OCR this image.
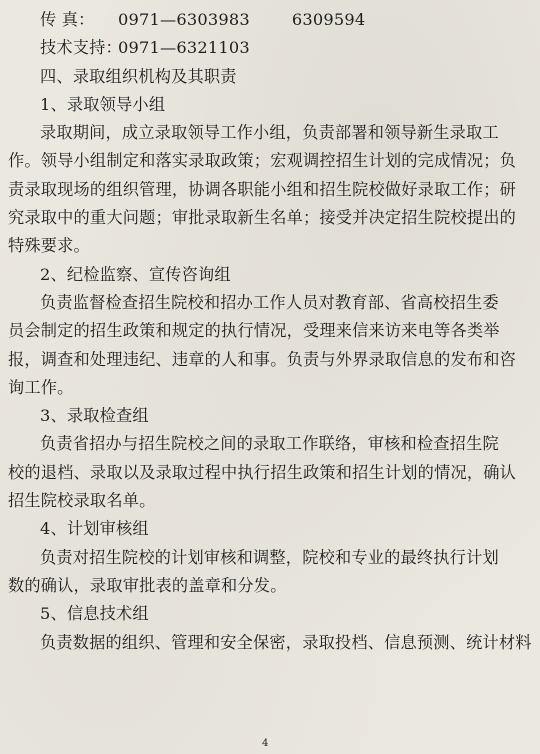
传 真： 0971—6303983	6309594
技术支持：0971—6321103
四、录取组织机构及其职责
1、录取领导小组
录取期间，成立录取领导工作小组，负责部署和领导新生录取工
作。领导小组制定和落实录取政策；宏观调控招生计划的完成情况；负
责录取现场的组织管理，协调各职能小组和招生院校做好录取工作；研
究录取中的重大问题；审批录取新生名单；接受并决定招生院校提出的
特殊要求。
2、纪检监察、宣传咨询组
负责监督检查招生院校和招办工作人员对教育部、省高校招生委
员会制定的招生政策和规定的执行情况，受理来信来访来电等各类举
报，调查和处理违纪、违章的人和事。负责与外界录取信息的发布和咨
询工作。
3、录取检查组
负责省招办与招生院校之间的录取工作联络，审核和检查招生院
校的退档、录取以及录取过程中执行招生政策和招生计划的情况，确认
招生院校录取名单。
4、计划审核组
负责对招生院校的计划审核和调整，院校和专业的最终执行计划
数的确认，录取审批表的盖章和分发。
5、信息技术组
负责数据的组织、管理和安全保密，录取投档、信息预测、统计材料
4
